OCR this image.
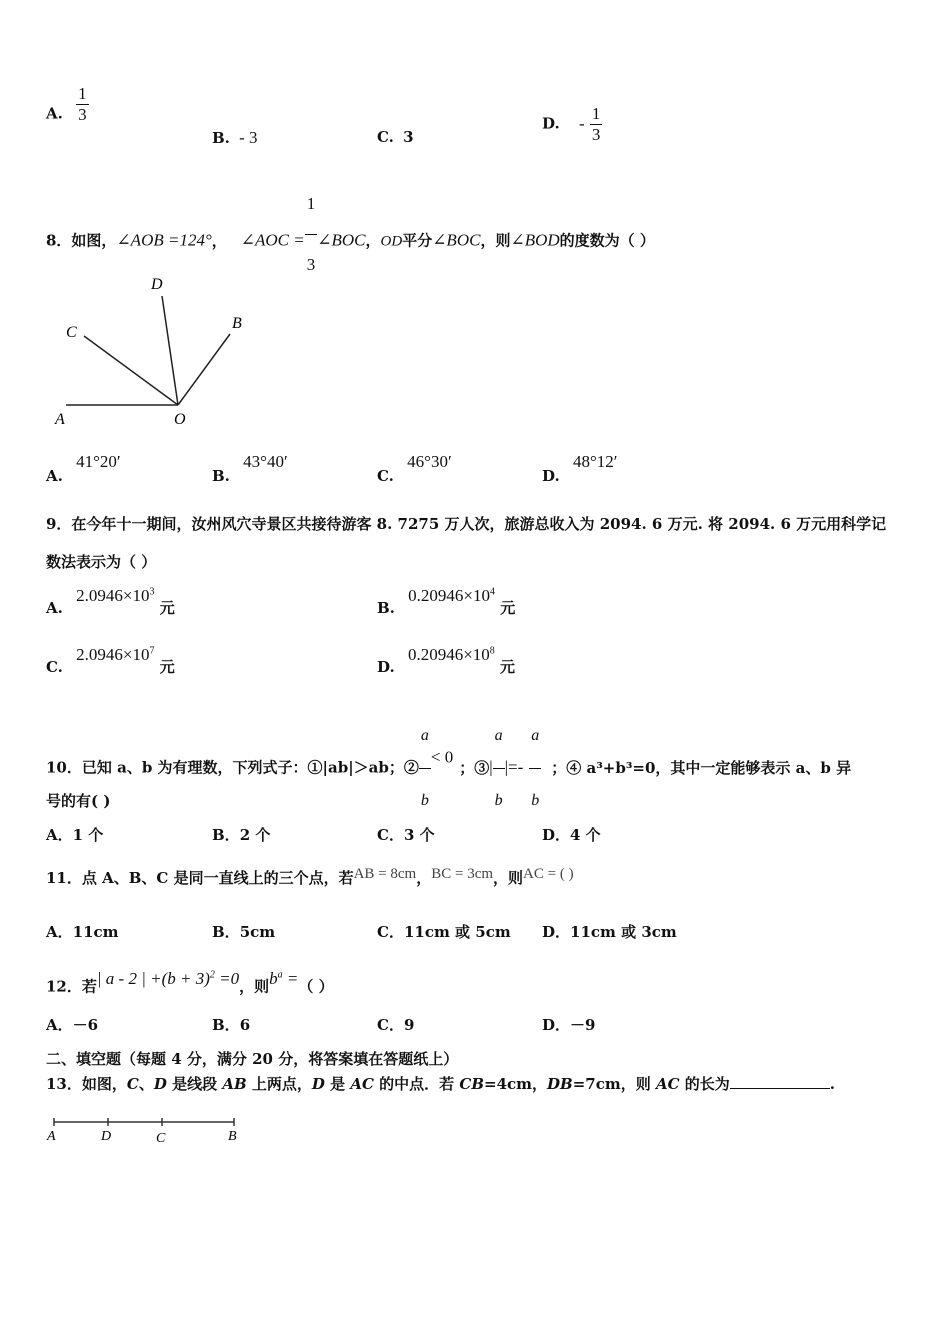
A. $\frac{1}{3}$
B. - 3	C. 3
D. - $\frac{1}{3}$
8．如图，∠AOB =124°， ∠AOC = $\frac{1}{3}$ ∠BOC，OD平分∠BOC，则∠BOD的度数为（ ）
D
C
B
A	O
A. 41°20′
B. 43°40′
C. 46°30′
D. 48°12′
9．在今年十一期间，汝州风穴寺景区共接待游客 8. 7275 万人次，旅游总收入为 2094. 6 万元. 将 2094. 6 万元用科学记
数法表示为（ ）
A. $2.0946\times 10^3$ 元	B. $0.20946\times 10^4$ 元
C. $2.0946\times 10^7$ 元	D. $0.20946\times 10^8$ 元
10．已知 a、b 为有理数，下列式子：①|ab|＞ab；② $\frac{a}{b} < 0$；③| $\frac{a}{b}$ |=- $\frac{a}{b}$ ；④ a³+b³=0，其中一定能够表示 a、b 异
号的有( )
A．1 个	B．2 个	C．3 个	D．4 个
11．点 A、B、C 是同一直线上的三个点，若AB = 8cm，BC = 3cm，则AC = ( )
A．11cm	B．5cm	C．11cm 或 5cm D．11cm 或 3cm
12．若| a - 2 | $+(b + 3)^2 =0$，则$b^a$ =（ ）
A．－6	B．6	C．9	D．－9
二、填空题（每题 4 分，满分 20 分，将答案填在答题纸上）
13．如图，C、D 是线段 AB 上两点，D 是 AC 的中点．若 CB=4cm，DB=7cm，则 AC 的长为	.
A	D	C	B
